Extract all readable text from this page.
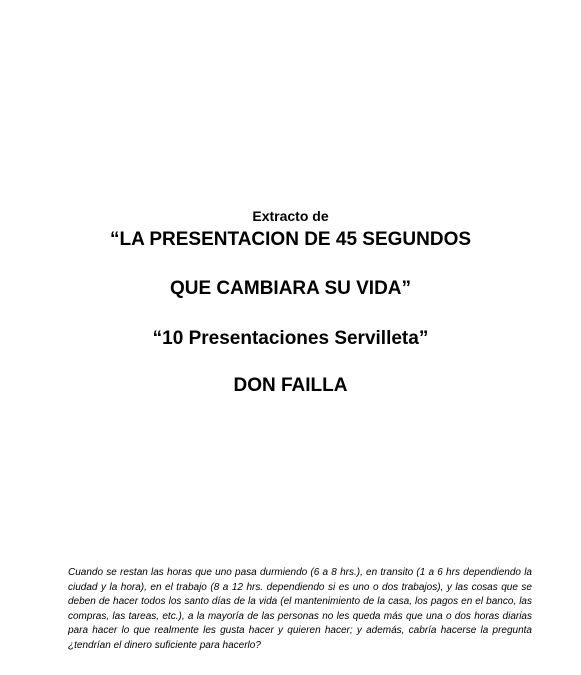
Extracto de
“LA PRESENTACION DE 45 SEGUNDOS
QUE CAMBIARA SU VIDA”
“10 Presentaciones Servilleta”
DON FAILLA
Cuando se restan las horas que uno pasa durmiendo (6 a 8 hrs.), en transito (1 a 6 hrs dependiendo la ciudad y la hora), en el trabajo (8 a 12 hrs. dependiendo si es uno o dos trabajos), y las cosas que se deben de hacer todos los santo días de la vida (el mantenimiento de la casa, los pagos en el banco, las compras, las tareas, etc.), a la mayoría de las personas no les queda más que una o dos horas diarias para hacer lo que realmente les gusta hacer y quieren hacer; y además, cabría hacerse la pregunta ¿tendrían el dinero suficiente para hacerlo?
